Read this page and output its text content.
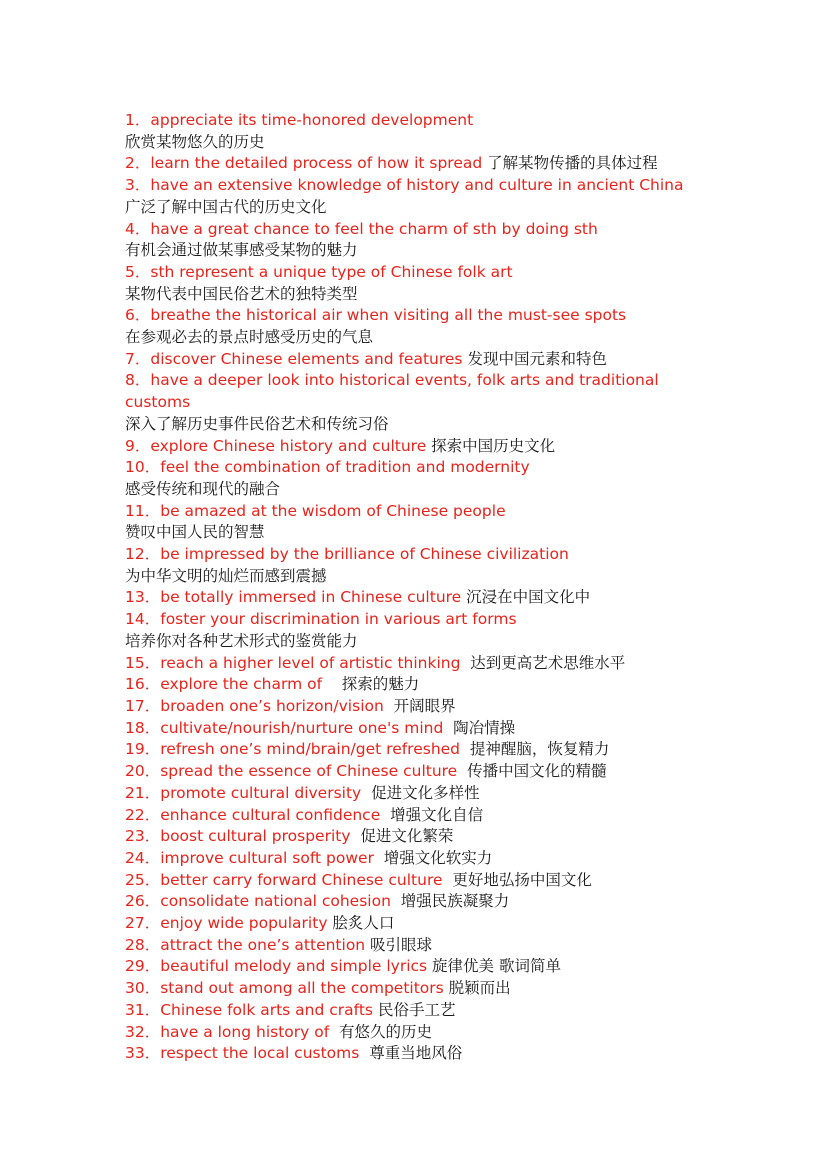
1．appreciate its time-honored development
欣赏某物悠久的历史
2．learn the detailed process of how it spread 了解某物传播的具体过程
3．have an extensive knowledge of history and culture in ancient China
广泛了解中国古代的历史文化
4．have a great chance to feel the charm of sth by doing sth
有机会通过做某事感受某物的魅力
5．sth represent a unique type of Chinese folk art
某物代表中国民俗艺术的独特类型
6．breathe the historical air when visiting all the must-see spots
在参观必去的景点时感受历史的气息
7．discover Chinese elements and features 发现中国元素和特色
8．have a deeper look into historical events, folk arts and traditional
customs
深入了解历史事件民俗艺术和传统习俗
9．explore Chinese history and culture 探索中国历史文化
10．feel the combination of tradition and modernity
感受传统和现代的融合
11．be amazed at the wisdom of Chinese people
赞叹中国人民的智慧
12．be impressed by the brilliance of Chinese civilization
为中华文明的灿烂而感到震撼
13．be totally immersed in Chinese culture 沉浸在中国文化中
14．foster your discrimination in various art forms
培养你对各种艺术形式的鉴赏能力
15．reach a higher level of artistic thinking  达到更高艺术思维水平
16．explore the charm of    探索的魅力
17．broaden one’s horizon/vision  开阔眼界
18．cultivate/nourish/nurture one's mind  陶冶情操
19．refresh one’s mind/brain/get refreshed  提神醒脑，恢复精力
20．spread the essence of Chinese culture  传播中国文化的精髓
21．promote cultural diversity  促进文化多样性
22．enhance cultural confidence  增强文化自信
23．boost cultural prosperity  促进文化繁荣
24．improve cultural soft power  增强文化软实力
25．better carry forward Chinese culture  更好地弘扬中国文化
26．consolidate national cohesion  增强民族凝聚力
27．enjoy wide popularity 脍炙人口
28．attract the one’s attention 吸引眼球
29．beautiful melody and simple lyrics 旋律优美 歌词简单
30．stand out among all the competitors 脱颖而出
31．Chinese folk arts and crafts 民俗手工艺
32．have a long history of  有悠久的历史
33．respect the local customs  尊重当地风俗
